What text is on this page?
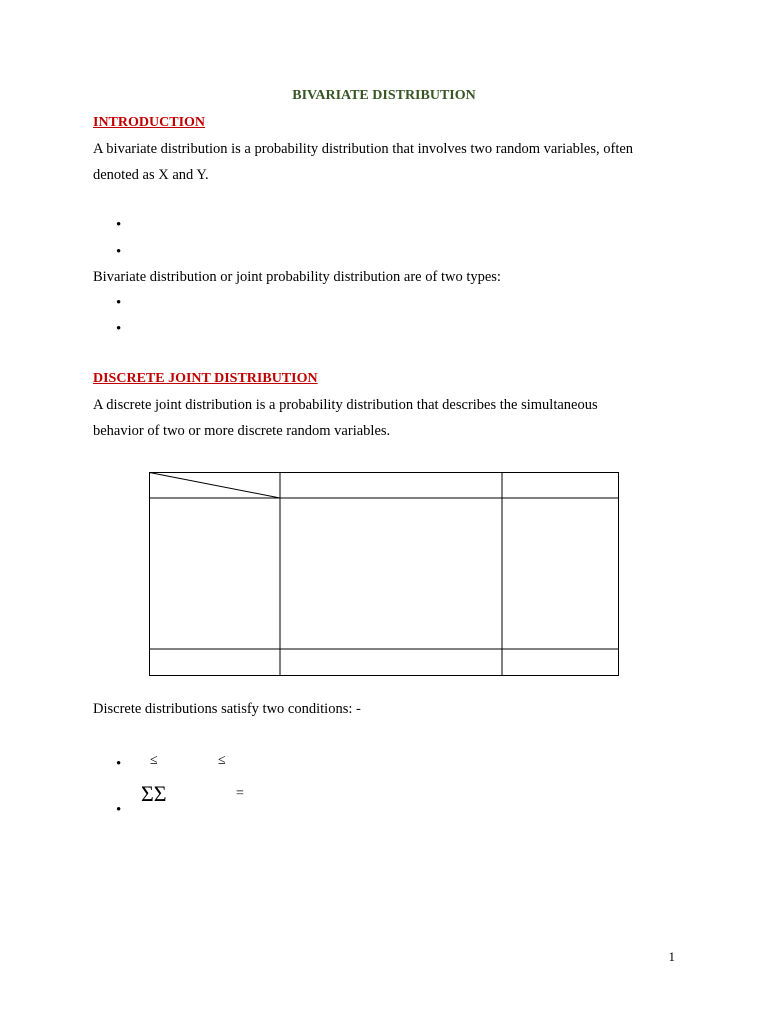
BIVARIATE DISTRIBUTION

INTRODUCTION

A bivariate distribution is a probability distribution that involves two random variables, often
denoted as X and Y.

•
•

Bivariate distribution or joint probability distribution are of two types:

•
•

DISCRETE JOINT DISTRIBUTION

A discrete joint distribution is a probability distribution that describes the simultaneous
behavior of two or more discrete random variables.

Discrete distributions satisfy two conditions: -

• ≤	≤
ΣΣ	=
•
1
